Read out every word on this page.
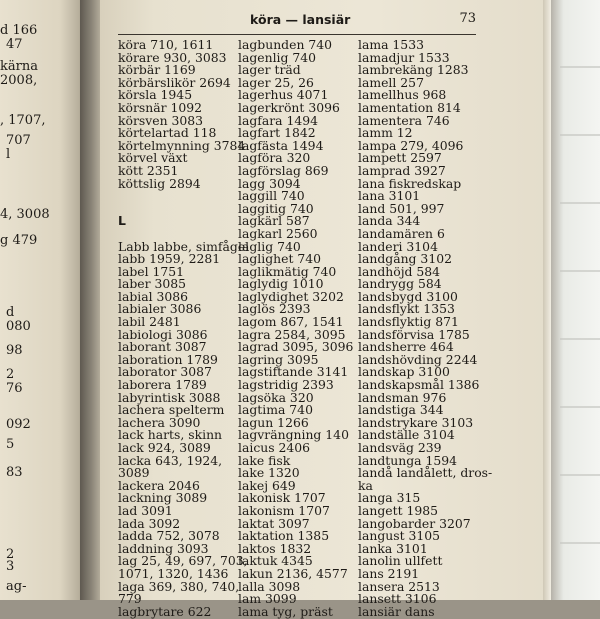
d 166
47
kärna
2008,
, 1707,
707
l
4, 3008
g 479
d
080
98
2
76
092
5
83
2
3
ag-
köra — lansiär	73
köra 710, 1611
körare 930, 3083
körbär 1169
körbärslikör 2694
körsla 1945
körsnär 1092
körsven 3083
körtelartad 118
körtelmynning 3784
körvel växt
kött 2351
köttslig 2894

L

Labb labbe, simfågel
labb 1959, 2281
label 1751
laber 3085
labial 3086
labialer 3086
labil 2481
labiologi 3086
laborant 3087
laboration 1789
laborator 3087
laborera 1789
labyrintisk 3088
lachera spelterm
lachera 3090
lack harts, skinn
lack 924, 3089
lacka 643, 1924,
3089
lackera 2046
lackning 3089
lad 3091
lada 3092
ladda 752, 3078
laddning 3093
lag 25, 49, 697, 703,
1071, 1320, 1436
laga 369, 380, 740,
779
lagbrytare 622
lagbunden 740
lagenlig 740
lager träd
lager 25, 26
lagerhus 4071
lagerkrönt 3096
lagfara 1494
lagfart 1842
lagfästa 1494
lagföra 320
lagförslag 869
lagg 3094
laggill 740
laggitig 740
lagkärl 587
lagkarl 2560
laglig 740
laglighet 740
laglikmätig 740
laglydig 1010
laglydighet 3202
laglös 2393
lagom 867, 1541
lagra 2584, 3095
lagrad 3095, 3096
lagring 3095
lagstiftande 3141
lagstridig 2393
lagsöka 320
lagtima 740
lagun 1266
lagvrängning 140
laicus 2406
lake fisk
lake 1320
lakej 649
lakonisk 1707
lakonism 1707
laktat 3097
laktation 1385
laktos 1832
laktuk 4345
lakun 2136, 4577
lalla 3098
lam 3099
lama tyg, präst
lama 1533
lamadjur 1533
lambrekäng 1283
lamell 257
lamellhus 968
lamentation 814
lamentera 746
lamm 12
lampa 279, 4096
lampett 2597
lamprad 3927
lana fiskredskap
lana 3101
land 501, 997
landa 344
landamären 6
landeri 3104
landgång 3102
landhöjd 584
landrygg 584
landsbygd 3100
landsflykt 1353
landsflyktig 871
landsförvisa 1785
landsherre 464
landshövding 2244
landskap 3100
landskapsmål 1386
landsman 976
landstiga 344
landstrykare 3103
landställe 3104
landsväg 239
landtunga 1594
landå landålett, dros-
ka
langa 315
langett 1985
langobarder 3207
langust 3105
lanka 3101
lanolin ullfett
lans 2191
lansera 2513
lansett 3106
lansiär dans
